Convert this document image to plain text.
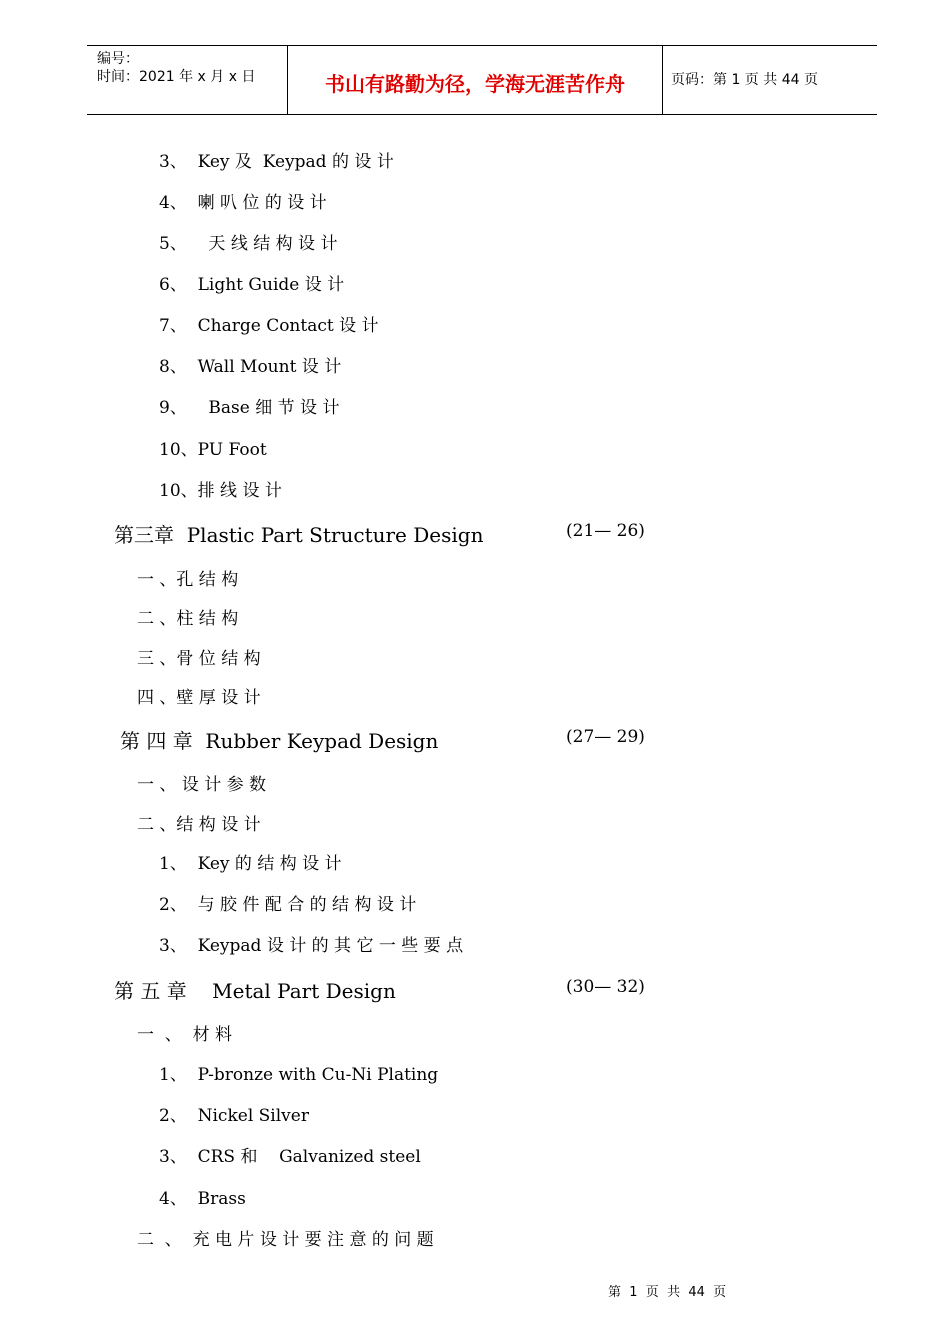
编号：
时间：2021 年 x 月 x 日	书山有路勤为径，学海无涯苦作舟	页码：第 1 页 共 44 页
3、  Key 及  Keypad 的 设 计
4、  喇 叭 位 的 设 计
5、    天 线 结 构 设 计
6、  Light Guide 设 计
7、  Charge Contact 设 计
8、  Wall Mount 设 计
9、    Base 细 节 设 计
10、PU Foot
10、排 线 设 计
第三章  Plastic Part Structure Design	(21— 26)
一 、孔 结 构
二 、柱 结 构
三 、骨 位 结 构
四 、壁 厚 设 计
第 四 章  Rubber Keypad Design	(27— 29)
一 、 设 计 参 数
二 、结 构 设 计
1、  Key 的 结 构 设 计
2、  与 胶 件 配 合 的 结 构 设 计
3、  Keypad 设 计 的 其 它 一 些 要 点
第 五 章    Metal Part Design	(30— 32)
一  、  材 料
1、  P-bronze with Cu-Ni Plating
2、  Nickel Silver
3、  CRS 和    Galvanized steel
4、  Brass
二  、  充 电 片 设 计 要 注 意 的 问 题
第  1  页  共  44  页
